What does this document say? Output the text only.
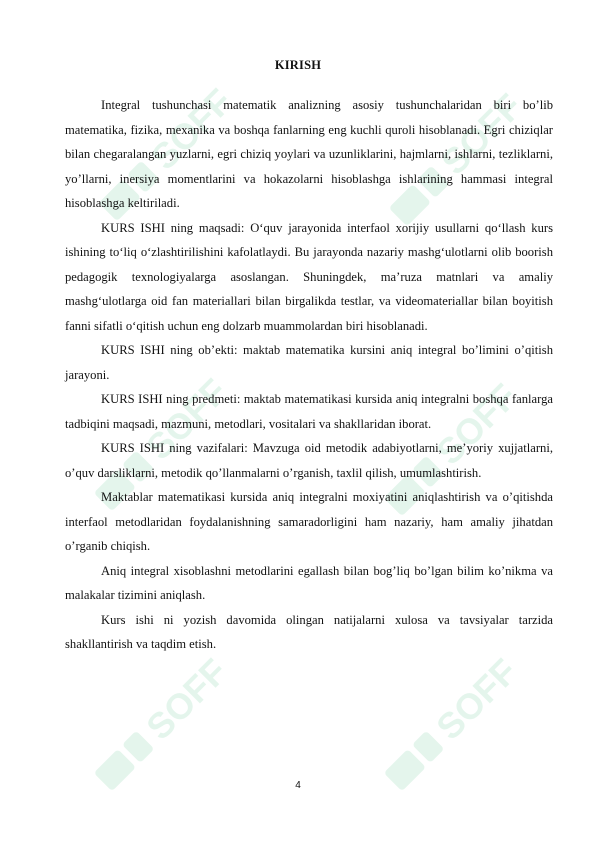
SOFF	SOFF
SOFF	SOFF
SOFF	SOFF
KIRISH

Integral tushunchasi matematik analizning asosiy tushunchalaridan biri bo’lib matematika, fizika, mexanika va boshqa fanlarning eng kuchli quroli hisoblanadi. Egri chiziqlar bilan chegaralangan yuzlarni, egri chiziq yoylari va uzunliklarini, hajmlarni, ishlarni, tezliklarni, yo’llarni, inersiya momentlarini va hokazolarni hisoblashga ishlarining hammasi integral hisoblashga keltiriladi.

KURS ISHI ning maqsadi: O‘quv jarayonida interfaol xorijiy usullarni qo‘llash kurs ishining to‘liq o‘zlashtirilishini kafolatlaydi. Bu jarayonda nazariy mashg‘ulotlarni olib boorish pedagogik texnologiyalarga asoslangan. Shuningdek, ma’ruza matnlari va amaliy mashg‘ulotlarga oid fan materiallari bilan birgalikda testlar, va videomateriallar bilan boyitish fanni sifatli o‘qitish uchun eng dolzarb muammolardan biri hisoblanadi.

KURS ISHI ning ob’ekti: maktab matematika kursini aniq integral bo’limini o’qitish jarayoni.

KURS ISHI ning predmeti: maktab matematikasi kursida aniq integralni boshqa fanlarga tadbiqini maqsadi, mazmuni, metodlari, vositalari va shakllaridan iborat.

KURS ISHI ning vazifalari: Mavzuga oid metodik adabiyotlarni, me’yoriy xujjatlarni, o’quv darsliklarni, metodik qo’llanmalarni o’rganish, taxlil qilish, umumlashtirish.

Maktablar matematikasi kursida aniq integralni moxiyatini aniqlashtirish va o’qitishda interfaol metodlaridan foydalanishning samaradorligini ham nazariy, ham amaliy jihatdan o’rganib chiqish.

Aniq integral xisoblashni metodlarini egallash bilan bog’liq bo’lgan bilim ko’nikma va malakalar tizimini aniqlash.

Kurs ishi ni yozish davomida olingan natijalarni xulosa va tavsiyalar tarzida shakllantirish va taqdim etish.

4
